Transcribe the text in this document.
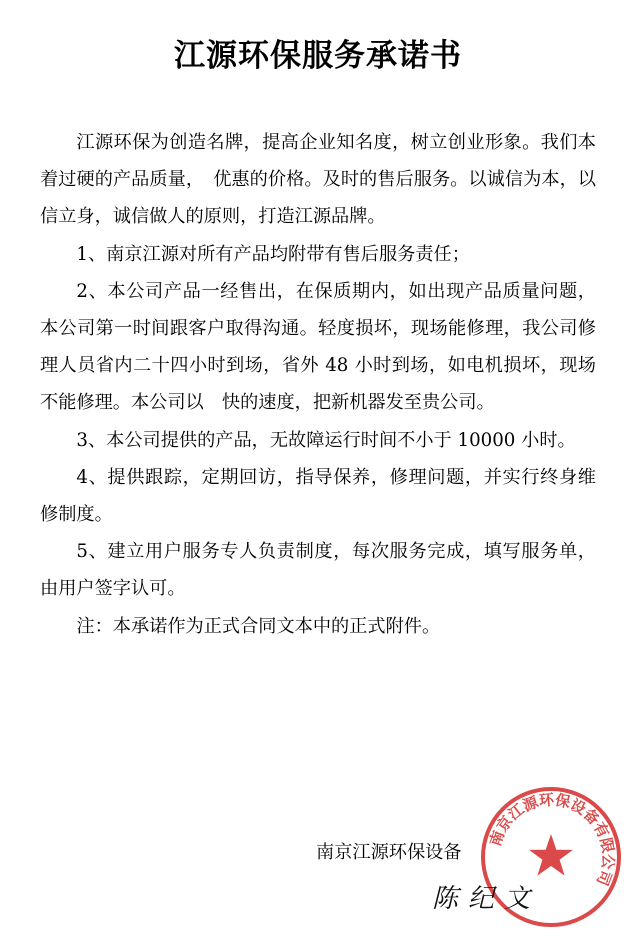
江源环保服务承诺书

江源环保为创造名牌，提高企业知名度，树立创业形象。我们本着过硬的产品质量，　优惠的价格。及时的售后服务。以诚信为本，以信立身，诚信做人的原则，打造江源品牌。

1、南京江源对所有产品均附带有售后服务责任；

2、本公司产品一经售出，在保质期内，如出现产品质量问题，本公司第一时间跟客户取得沟通。轻度损坏，现场能修理，我公司修理人员省内二十四小时到场，省外 48 小时到场，如电机损坏，现场不能修理。本公司以　快的速度，把新机器发至贵公司。

3、本公司提供的产品，无故障运行时间不小于 10000 小时。

4、提供跟踪，定期回访，指导保养，修理问题，并实行终身维修制度。

5、建立用户服务专人负责制度，每次服务完成，填写服务单，由用户签字认可。

注：本承诺作为正式合同文本中的正式附件。

南京江源环保设备
南京江源环保设备有限公司
陈纪文
